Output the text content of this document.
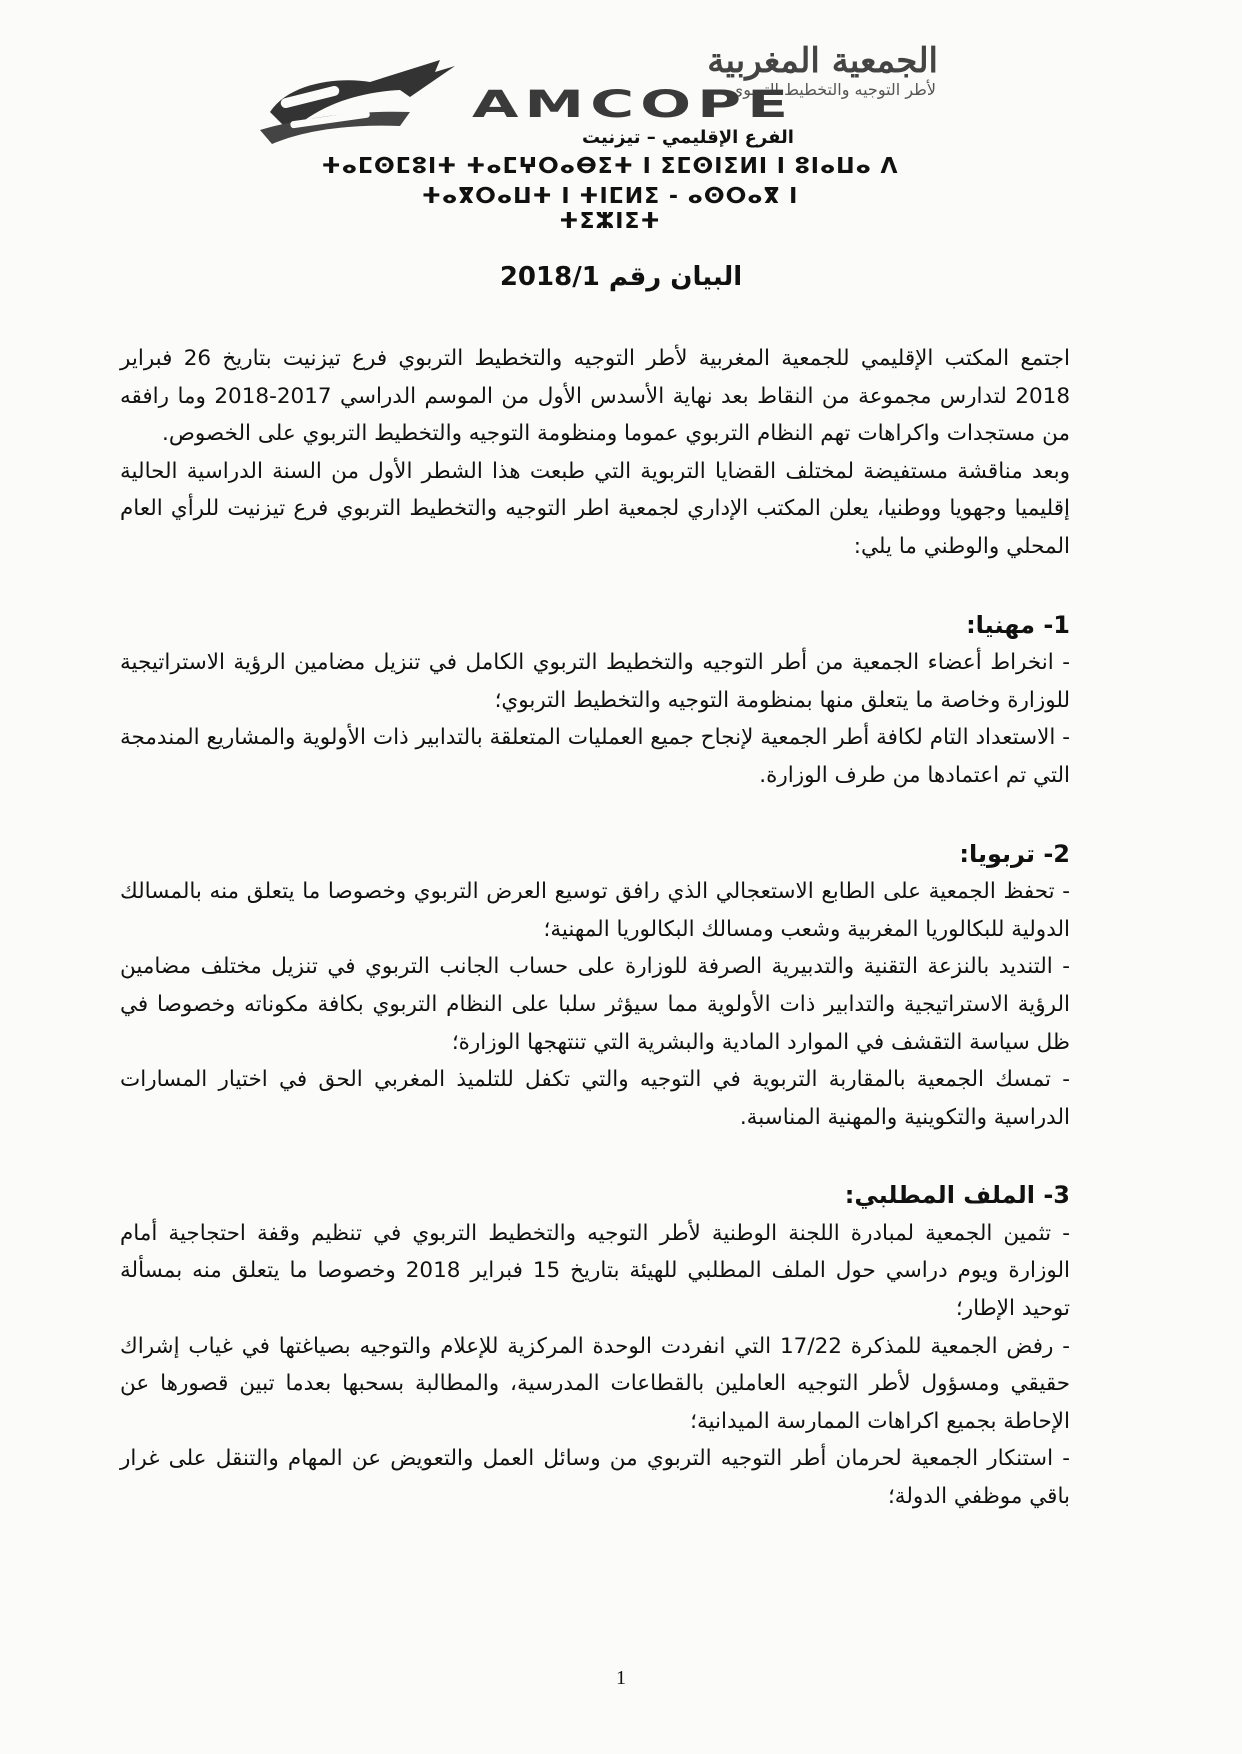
الجمعية المغربية
لأطر التوجيه والتخطيط التربوي
AMCOPE
الفرع الإقليمي – تيزنيت
ⵜⴰⵎⵙⵎⵓⵏⵜ ⵜⴰⵎⵖⵔⴰⴱⵉⵜ ⵏ ⵉⵎⵙⵏⵉⵍⵏ ⵏ ⵓⵏⴰⵡⴰ ⴷ
ⵜⴰⴳⵔⴰⵡⵜ ⵏ ⵜⵏⵎⵍⵉ - ⴰⵙⵔⴰⴳ ⵏ ⵜⵉⵣⵏⵉⵜ
البيان رقم 2018/1

اجتمع المكتب الإقليمي للجمعية المغربية لأطر التوجيه والتخطيط التربوي فرع تيزنيت بتاريخ 26 فبراير 2018 لتدارس مجموعة من النقاط بعد نهاية الأسدس الأول من الموسم الدراسي 2017-2018 وما رافقه من مستجدات واكراهات تهم النظام التربوي عموما ومنظومة التوجيه والتخطيط التربوي على الخصوص.

وبعد مناقشة مستفيضة لمختلف القضايا التربوية التي طبعت هذا الشطر الأول من السنة الدراسية الحالية إقليميا وجهويا ووطنيا، يعلن المكتب الإداري لجمعية اطر التوجيه والتخطيط التربوي فرع تيزنيت للرأي العام المحلي والوطني ما يلي:

1- مهنيا:

- انخراط أعضاء الجمعية من أطر التوجيه والتخطيط التربوي الكامل في تنزيل مضامين الرؤية الاستراتيجية للوزارة وخاصة ما يتعلق منها بمنظومة التوجيه والتخطيط التربوي؛

- الاستعداد التام لكافة أطر الجمعية لإنجاح جميع العمليات المتعلقة بالتدابير ذات الأولوية والمشاريع المندمجة التي تم اعتمادها من طرف الوزارة.

2- تربويا:

- تحفظ الجمعية على الطابع الاستعجالي الذي رافق توسيع العرض التربوي وخصوصا ما يتعلق منه بالمسالك الدولية للبكالوريا المغربية وشعب ومسالك البكالوريا المهنية؛

- التنديد بالنزعة التقنية والتدبيرية الصرفة للوزارة على حساب الجانب التربوي في تنزيل مختلف مضامين الرؤية الاستراتيجية والتدابير ذات الأولوية مما سيؤثر سلبا على النظام التربوي بكافة مكوناته وخصوصا في ظل سياسة التقشف في الموارد المادية والبشرية التي تنتهجها الوزارة؛

- تمسك الجمعية بالمقاربة التربوية في التوجيه والتي تكفل للتلميذ المغربي الحق في اختيار المسارات الدراسية والتكوينية والمهنية المناسبة.

3- الملف المطلبي:

- تثمين الجمعية لمبادرة اللجنة الوطنية لأطر التوجيه والتخطيط التربوي في تنظيم وقفة احتجاجية أمام الوزارة ويوم دراسي حول الملف المطلبي للهيئة بتاريخ 15 فبراير 2018 وخصوصا ما يتعلق منه بمسألة توحيد الإطار؛

- رفض الجمعية للمذكرة 17/22 التي انفردت الوحدة المركزية للإعلام والتوجيه بصياغتها في غياب إشراك حقيقي ومسؤول لأطر التوجيه العاملين بالقطاعات المدرسية، والمطالبة بسحبها بعدما تبين قصورها عن الإحاطة بجميع اكراهات الممارسة الميدانية؛

- استنكار الجمعية لحرمان أطر التوجيه التربوي من وسائل العمل والتعويض عن المهام والتنقل على غرار باقي موظفي الدولة؛

1
